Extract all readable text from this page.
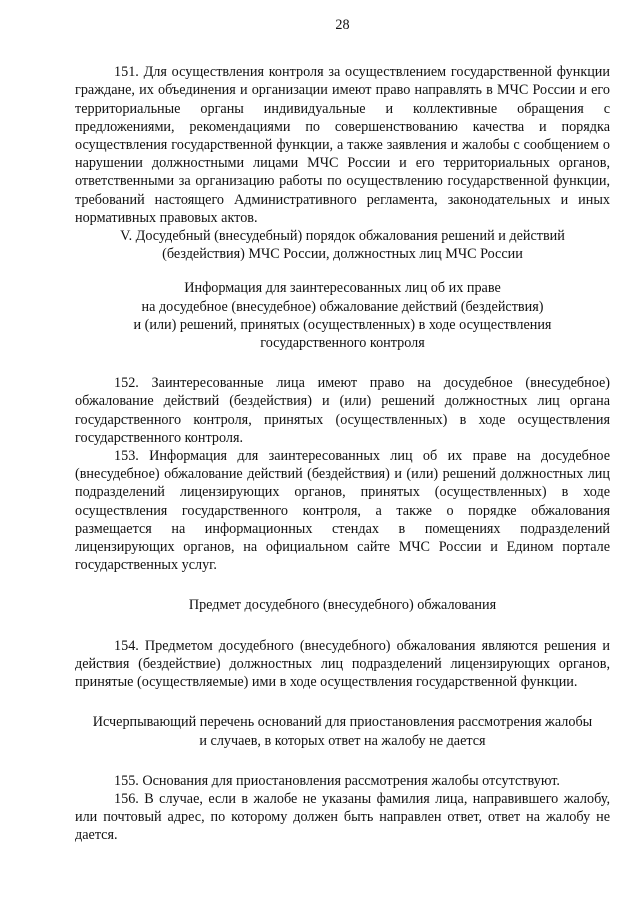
28

151. Для осуществления контроля за осуществлением государственной функции граждане, их объединения и организации имеют право направлять в МЧС России и его территориальные органы индивидуальные и коллективные обращения с предложениями, рекомендациями по совершенствованию качества и порядка осуществления государственной функции, а также заявления и жалобы с сообщением о нарушении должностными лицами МЧС России и его территориальных органов, ответственными за организацию работы по осуществлению государственной функции, требований настоящего Административного регламента, законодательных и иных нормативных правовых актов.

V. Досудебный (внесудебный) порядок обжалования решений и действий

(бездействия) МЧС России, должностных лиц МЧС России

Информация для заинтересованных лиц об их праве

на досудебное (внесудебное) обжалование действий (бездействия)

и (или) решений, принятых (осуществленных) в ходе осуществления

государственного контроля

152. Заинтересованные лица имеют право на досудебное (внесудебное) обжалование действий (бездействия) и (или) решений должностных лиц органа государственного контроля, принятых (осуществленных) в ходе осуществления государственного контроля.

153. Информация для заинтересованных лиц об их праве на досудебное (внесудебное) обжалование действий (бездействия) и (или) решений должностных лиц подразделений лицензирующих органов, принятых (осуществленных) в ходе осуществления государственного контроля, а также о порядке обжалования размещается на информационных стендах в помещениях подразделений лицензирующих органов, на официальном сайте МЧС России и Едином портале государственных услуг.

Предмет досудебного (внесудебного) обжалования

154. Предметом досудебного (внесудебного) обжалования являются решения и действия (бездействие) должностных лиц подразделений лицензирующих органов, принятые (осуществляемые) ими в ходе осуществления государственной функции.

Исчерпывающий перечень оснований для приостановления рассмотрения жалобы

и случаев, в которых ответ на жалобу не дается

155. Основания для приостановления рассмотрения жалобы отсутствуют.

156. В случае, если в жалобе не указаны фамилия лица, направившего жалобу, или почтовый адрес, по которому должен быть направлен ответ, ответ на жалобу не дается.
